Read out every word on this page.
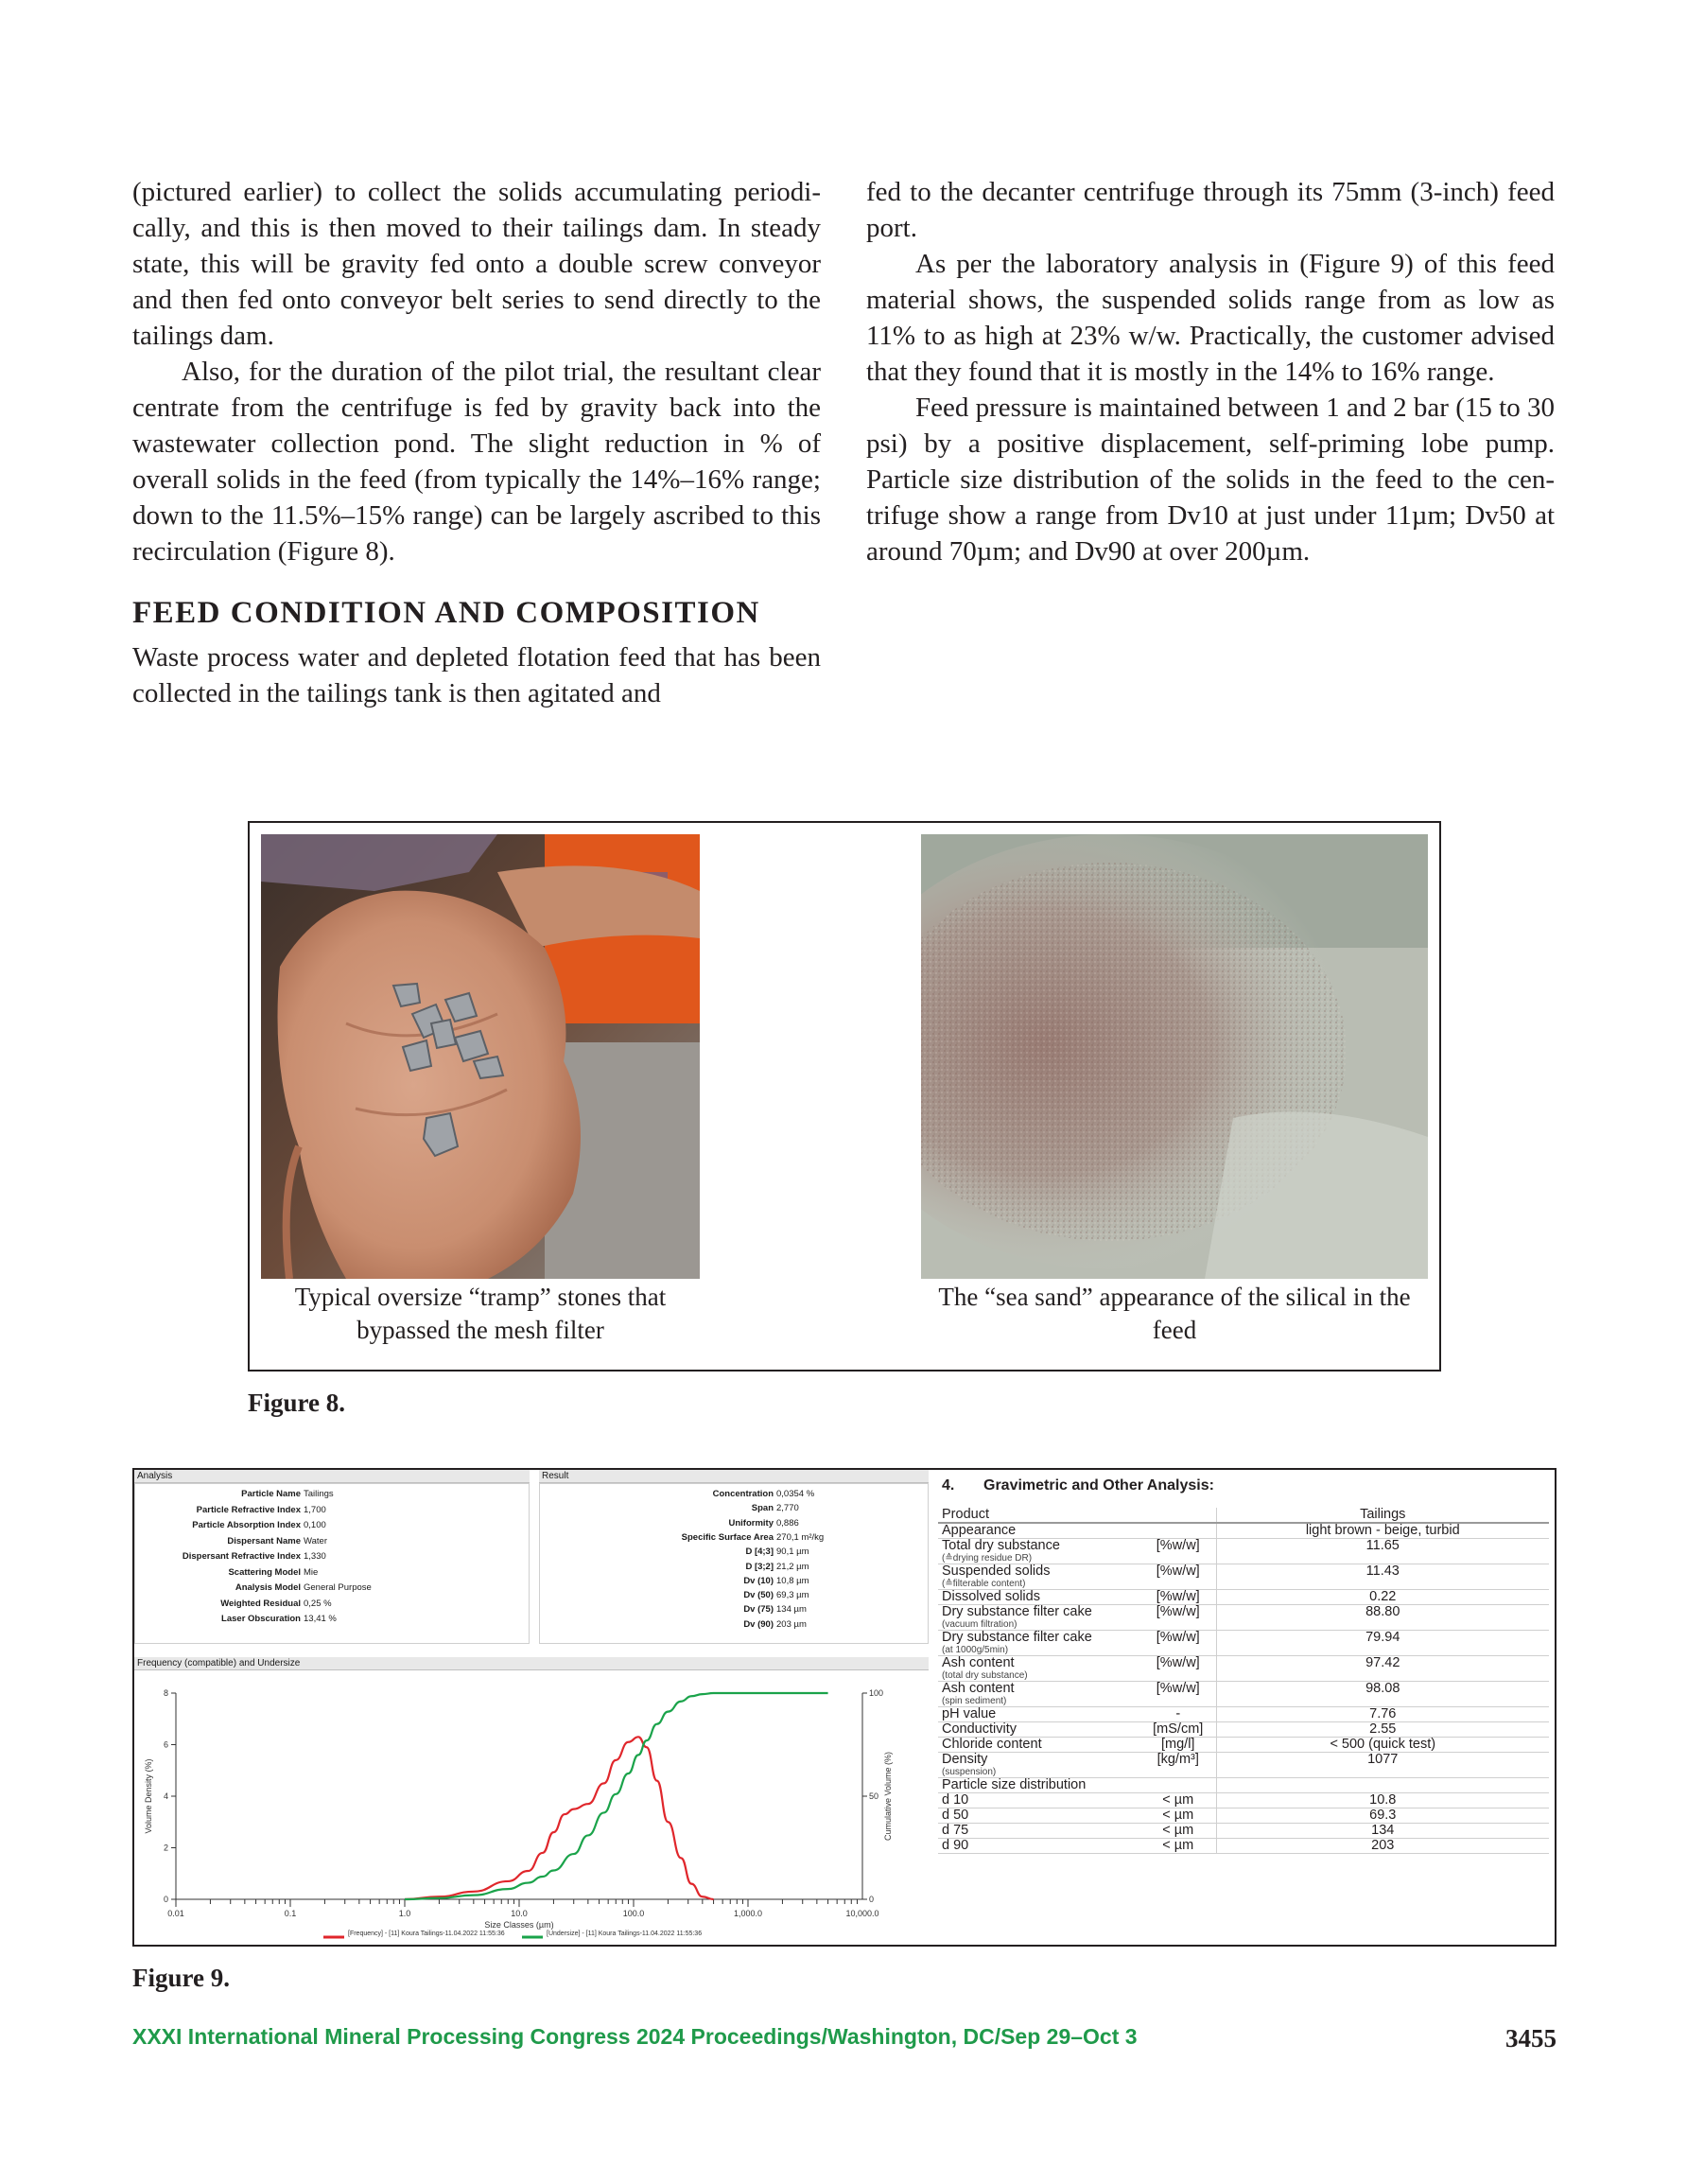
(pictured earlier) to collect the solids accumulating periodically, and this is then moved to their tailings dam. In steady state, this will be gravity fed onto a double screw conveyor and then fed onto conveyor belt series to send directly to the tailings dam.

Also, for the duration of the pilot trial, the resultant clear centrate from the centrifuge is fed by gravity back into the wastewater collection pond. The slight reduction in % of overall solids in the feed (from typically the 14%–16% range; down to the 11.5%–15% range) can be largely ascribed to this recirculation (Figure 8).

FEED CONDITION AND COMPOSITION

Waste process water and depleted flotation feed that has been collected in the tailings tank is then agitated and

fed to the decanter centrifuge through its 75mm (3-inch) feed port.

As per the laboratory analysis in (Figure 9) of this feed material shows, the suspended solids range from as low as 11% to as high at 23% w/w. Practically, the customer advised that they found that it is mostly in the 14% to 16% range.

Feed pressure is maintained between 1 and 2 bar (15 to 30 psi) by a positive displacement, self-priming lobe pump. Particle size distribution of the solids in the feed to the centrifuge show a range from Dv10 at just under 11µm; Dv50 at around 70µm; and Dv90 at over 200µm.

Typical oversize “tramp” stones that bypassed the mesh filter
The “sea sand” appearance of the silical in the feed
Figure 8.
Analysis
Particle Name Tailings
Particle Refractive Index 1,700
Particle Absorption Index 0,100
Dispersant Name Water
Dispersant Refractive Index 1,330
Scattering Model Mie
Analysis Model General Purpose
Weighted Residual 0,25 %
Laser Obscuration 13,41 %
Result
Concentration 0,0354 %
Span 2,770
Uniformity 0,886
Specific Surface Area 270,1 m²/kg
D [4;3] 90,1 µm
D [3;2] 21,2 µm
Dv (10) 10,8 µm
Dv (50) 69,3 µm
Dv (75) 134 µm
Dv (90) 203 µm
Frequency (compatible) and Undersize
0.01	0.1	1.0	10.0	100.0	1,000.0	10,000.0
0
2
4
6
8
0
50
100
Size Classes (µm)
Volume Density (%)	Cumulative Volume (%)
[Frequency] - [11] Koura Tailings-11.04.2022 11:55:36	[Undersize] - [11] Koura Tailings-11.04.2022 11:55:36
4. Gravimetric and Other Analysis:
Product		Tailings
Appearance		light brown - beige, turbid
Total dry substance
(≙drying residue DR)	[%w/w]	11.65
Suspended solids
(≙filterable content)	[%w/w]	11.43
Dissolved solids	[%w/w]	0.22
Dry substance filter cake
(vacuum filtration)	[%w/w]	88.80
Dry substance filter cake
(at 1000g/5min)	[%w/w]	79.94
Ash content
(total dry substance)	[%w/w]	97.42
Ash content
(spin sediment)	[%w/w]	98.08
pH value	-	7.76
Conductivity	[mS/cm]	2.55
Chloride content	[mg/l]	< 500 (quick test)
Density
(suspension)	[kg/m³]	1077
Particle size distribution		
d 10	< µm	10.8
d 50	< µm	69.3
d 75	< µm	134
d 90	< µm	203
Figure 9.
XXXI International Mineral Processing Congress 2024 Proceedings/Washington, DC/Sep 29–Oct 3	3455
